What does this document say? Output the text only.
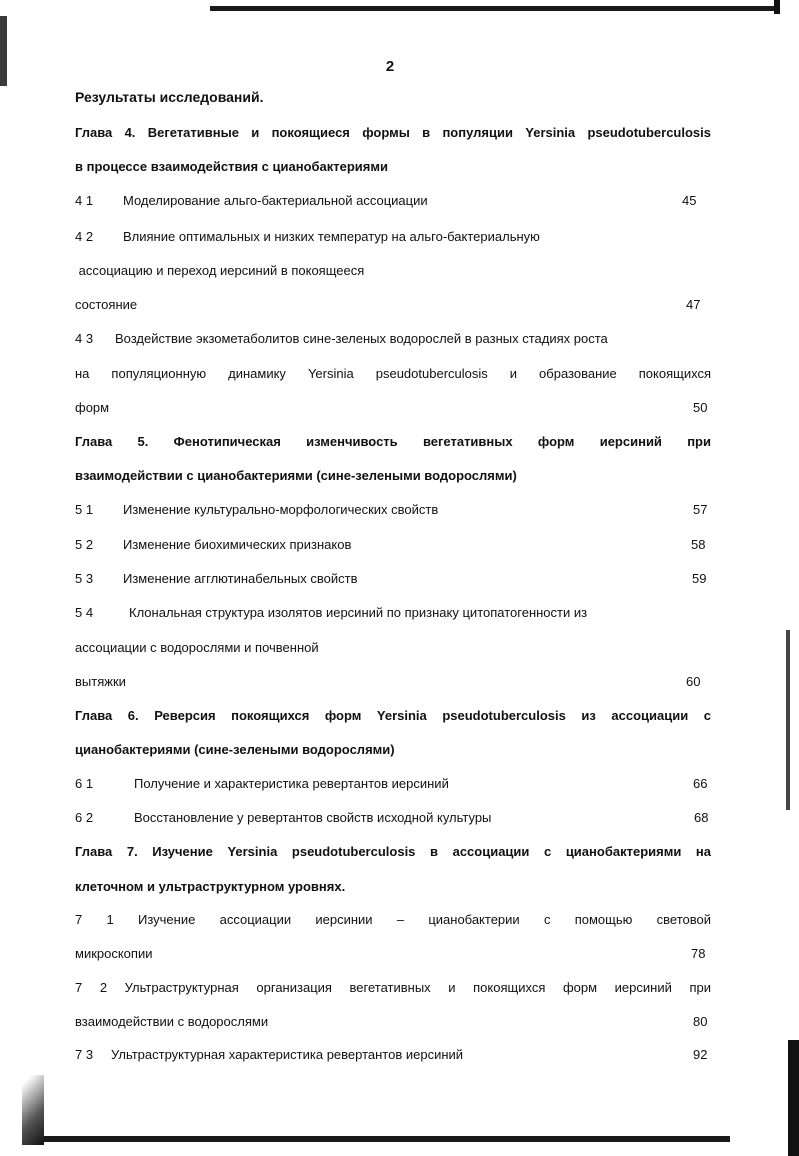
2
Результаты исследований.
Глава 4. Вегетативные и покоящиеся формы в популяции Yersinia pseudotuberculosis
в процессе взаимодействия с цианобактериями
4 1 Моделирование альго-бактериальной ассоциации	45
4 2 Влияние оптимальных и низких температур на альго-бактериальную
ассоциацию и переход иерсиний в покоящееся
состояние	47
4 3 Воздействие экзометаболитов сине-зеленых водорослей в разных стадиях роста
на популяционную динамику Yersinia pseudotuberculosis и образование покоящихся
форм	50
Глава 5. Фенотипическая изменчивость вегетативных форм иерсиний при
взаимодействии с цианобактериями (сине-зелеными водорослями)
5 1 Изменение культурально-морфологических свойств	57
5 2 Изменение биохимических признаков	58
5 3 Изменение агглютинабельных свойств	59
5 4	Клональная структура изолятов иерсиний по признаку цитопатогенности из
ассоциации с водорослями и почвенной
вытяжки	60
Глава 6. Реверсия покоящихся форм Yersinia pseudotuberculosis из ассоциации с
цианобактериями (сине-зелеными водорослями)
6 1	Получение и характеристика ревертантов иерсиний	66
6 2	Восстановление у ревертантов свойств исходной культуры	68
Глава 7. Изучение Yersinia pseudotuberculosis в ассоциации с цианобактериями на
клеточном и ультраструктурном уровнях.
7 1 Изучение ассоциации иерсинии – цианобактерии с помощью световой
микроскопии	78
7 2 Ультраструктурная организация вегетативных и покоящихся форм иерсиний при
взаимодействии с водорослями	80
7 3 Ультраструктурная характеристика ревертантов иерсиний	92
